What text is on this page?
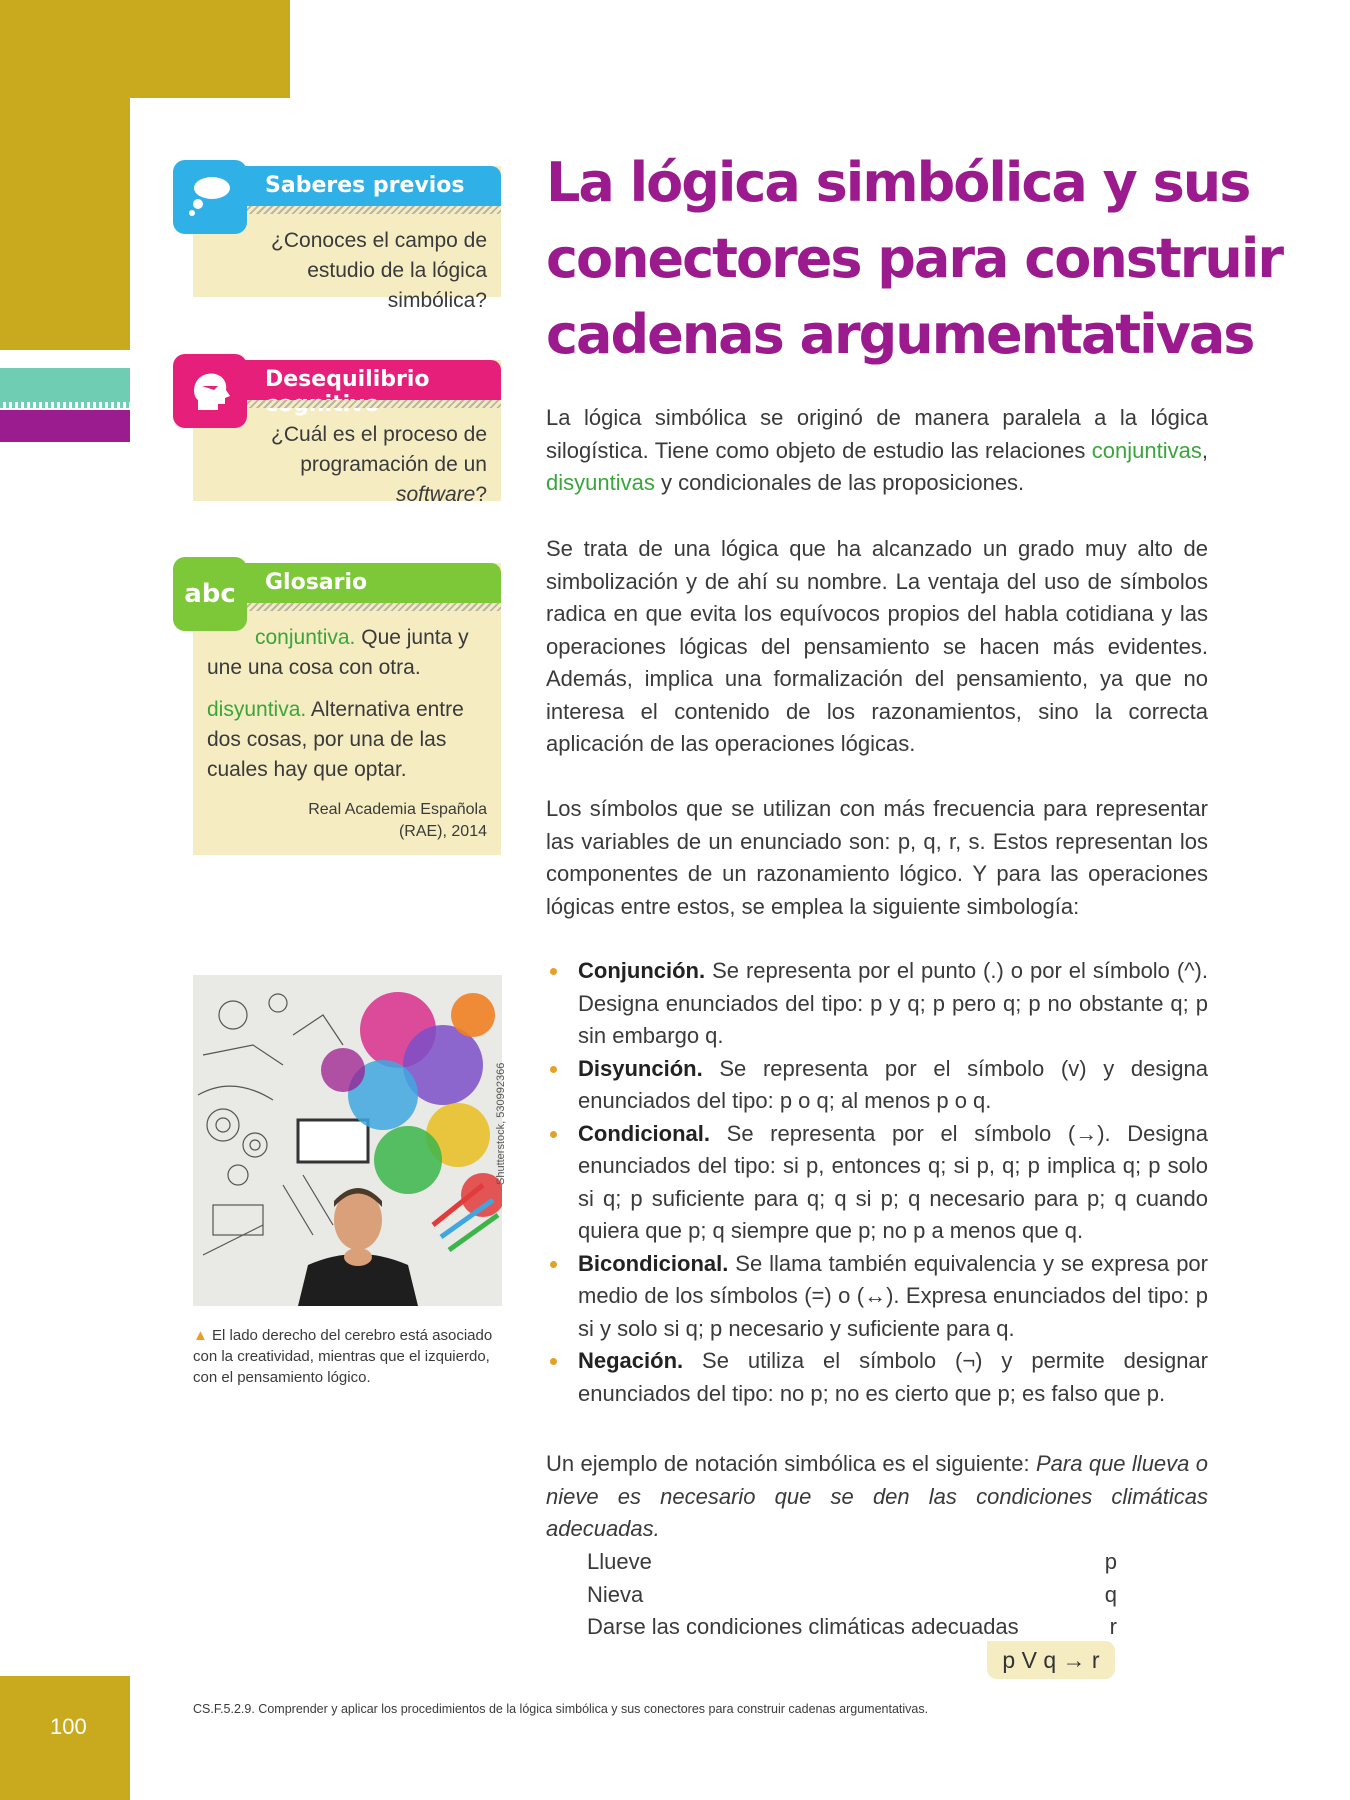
100
Saberes previos
¿Conoces el campo de estudio de la lógica simbólica?
Desequilibrio
¿Cuál es el proceso de programación de un software?
Glosario
abc
conjuntiva. Que junta y une una cosa con otra.
disyuntiva. Alternativa entre dos cosas, por una de las cuales hay que optar.
Real Academia Española (RAE), 2014
La lógica simbólica y sus conectores para construir cadenas argumentativas
La lógica simbólica se originó de manera paralela a la lógica silogística. Tiene como objeto de estudio las relaciones conjuntivas, disyuntivas y condicionales de las proposiciones.
Se trata de una lógica que ha alcanzado un grado muy alto de simbolización y de ahí su nombre. La ventaja del uso de símbolos radica en que evita los equívocos propios del habla cotidiana y las operaciones lógicas del pensamiento se hacen más evidentes. Además, implica una formalización del pensamiento, ya que no interesa el contenido de los razonamientos, sino la correcta aplicación de las operaciones lógicas.
Los símbolos que se utilizan con más frecuencia para representar las variables de un enunciado son: p, q, r, s. Estos representan los componentes de un razonamiento lógico. Y para las operaciones lógicas entre estos, se emplea la siguiente simbología:
Conjunción. Se representa por el punto (.) o por el símbolo (^). Designa enunciados del tipo: p y q; p pero q; p no obstante q; p sin embargo q.
Disyunción. Se representa por el símbolo (v) y designa enunciados del tipo: p o q; al menos p o q.
Condicional. Se representa por el símbolo (→). Designa enunciados del tipo: si p, entonces q; si p, q; p implica q; p solo si q; p suficiente para q; q si p; q necesario para p; q cuando quiera que p; q siempre que p; no p a menos que q.
Bicondicional. Se llama también equivalencia y se expresa por medio de los símbolos (=) o (↔). Expresa enunciados del tipo: p si y solo si q; p necesario y suficiente para q.
Negación. Se utiliza el símbolo (¬) y permite designar enunciados del tipo: no p; no es cierto que p; es falso que p.
Un ejemplo de notación simbólica es el siguiente: Para que llueva o nieve es necesario que se den las condiciones climáticas adecuadas.
Llueve	p
Nieva	q
Darse las condiciones climáticas adecuadas	r
p V q → r
Shutterstock, 530992366
▲ El lado derecho del cerebro está asociado con la creatividad, mientras que el izquierdo, con el pensamiento lógico.
CS.F.5.2.9. Comprender y aplicar los procedimientos de la lógica simbólica y sus conectores para construir cadenas argumentativas.
